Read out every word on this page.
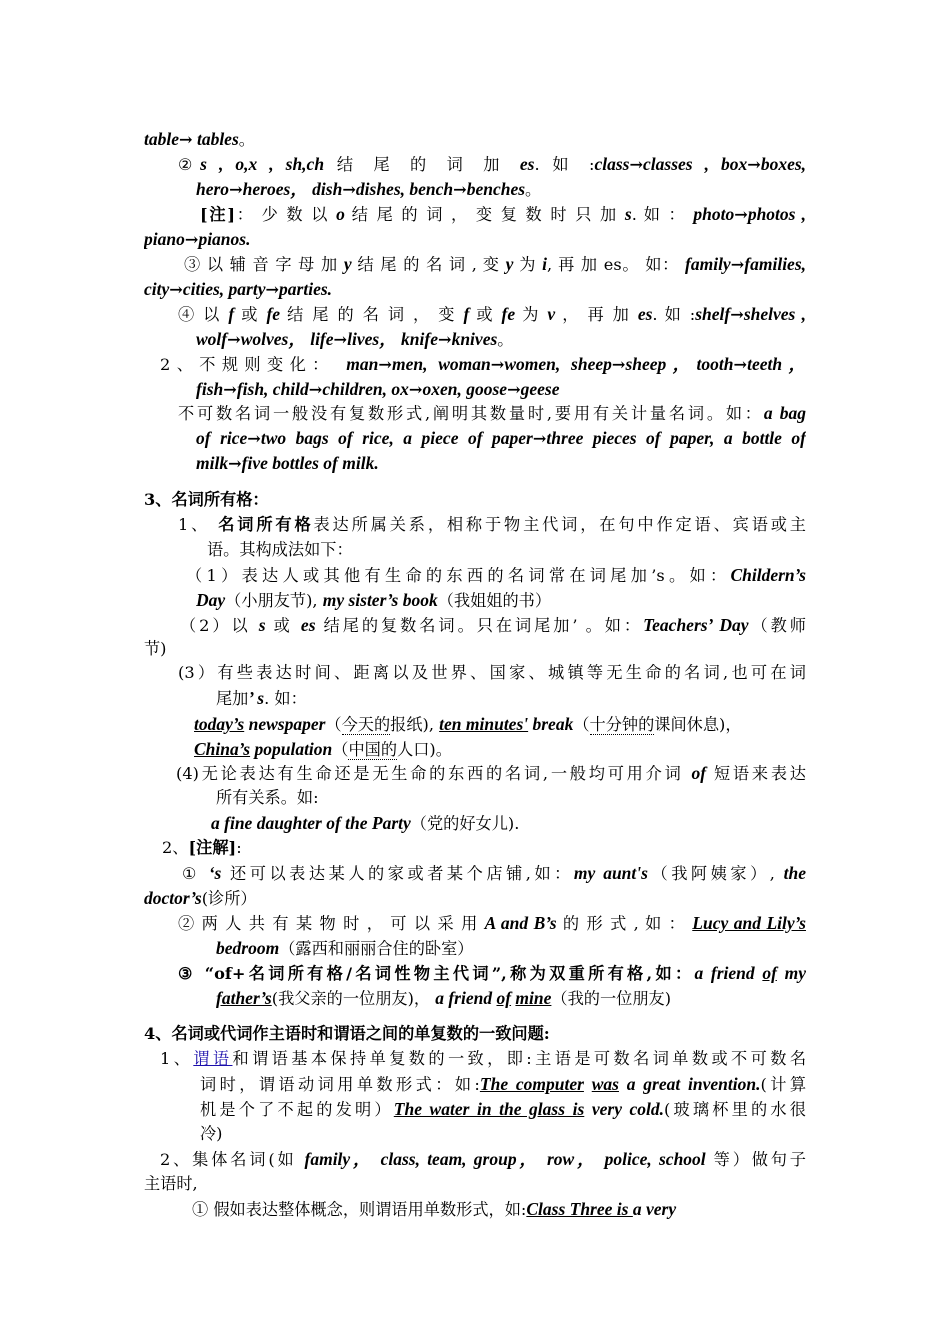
table→ tables。
②s , o,x , sh,ch 结 尾 的 词 加 es. 如 :class→classes , box→boxes,
hero→heroes， dish→dishes, bench→benches。
[注]： 少 数 以 o 结 尾 的 词 ， 变 复 数 时 只 加 s. 如 ： photo→photos ,
piano→pianos.
③ 以 辅 音 字 母 加 y 结 尾 的 名 词 , 变 y 为 i, 再 加 es。 如： family→families,
city→cities, party→parties.
④ 以 f 或 fe 结 尾 的 名 词 ， 变 f 或 fe 为 v ， 再 加 es. 如 :shelf→shelves ,
wolf→wolves， life→lives， knife→knives。
2、不规则变化： man→men, woman→women, sheep→sheep，tooth→teeth，
fish→fish, child→children, ox→oxen, goose→geese
不可数名词一般没有复数形式,阐明其数量时,要用有关计量名词。如：a bag
of rice→two bags of rice, a piece of paper→three pieces of paper, a bottle of
milk→five bottles of milk.
3、名词所有格：
1、 名词所有格表达所属关系，相称于物主代词，在句中作定语、宾语或主
语。其构成法如下：
（1）表达人或其他有生命的东西的名词常在词尾加’s。如：Childern’s
Day（小朋友节), my sister’s book（我姐姐的书）
（2）以 s 或 es 结尾的复数名词。只在词尾加’ 。如：Teachers’ Day（教师
节)
(3）有些表达时间、距离以及世界、国家、城镇等无生命的名词,也可在词
尾加’ s. 如：
today’s newspaper（今天的报纸), ten minutes' break（十分钟的课间休息)，
China’s population（中国的人口)。
(4)无论表达有生命还是无生命的东西的名词,一般均可用介词 of 短语来表达
所有关系。如:
a fine daughter of the Party（党的好女儿).
2、[注解]:
① ‘s 还可以表达某人的家或者某个店铺,如：my aunt's（我阿姨家）, the
doctor’s(诊所）
② 两 人 共 有 某 物 时 ， 可 以 采 用 A and B’s 的 形 式 , 如 ： Lucy and Lily’s
bedroom（露西和丽丽合住的卧室）
③ “of+名词所有格/名词性物主代词”,称为双重所有格,如：a friend of my
father’s(我父亲的一位朋友)， a friend of mine（我的一位朋友)
4、名词或代词作主语时和谓语之间的单复数的一致问题:
1、谓语和谓语基本保持单复数的一致，即:主语是可数名词单数或不可数名
词时，谓语动词用单数形式：如:The computer was a great invention.(计算
机是个了不起的发明）The water in the glass is very cold.(玻璃杯里的水很
冷)
2、集体名词(如 family， class, team, group， row， police, school 等）做句子
主语时,
① 假如表达整体概念，则谓语用单数形式，如:Class Three is a very
